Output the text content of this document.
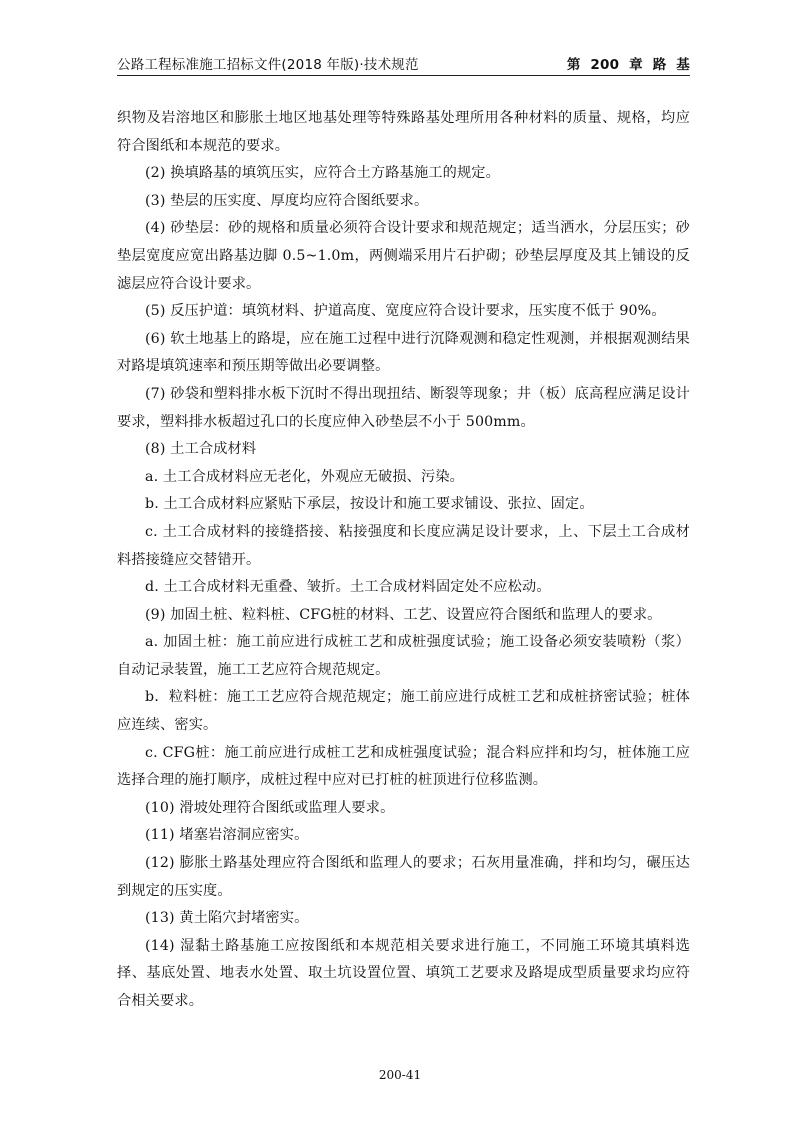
公路工程标准施工招标文件(2018 年版)·技术规范	第 200 章 路 基

织物及岩溶地区和膨胀土地区地基处理等特殊路基处理所用各种材料的质量、规格，均应符合图纸和本规范的要求。

(2) 换填路基的填筑压实，应符合土方路基施工的规定。

(3) 垫层的压实度、厚度均应符合图纸要求。

(4) 砂垫层：砂的规格和质量必须符合设计要求和规范规定；适当洒水，分层压实；砂垫层宽度应宽出路基边脚 0.5~1.0m，两侧端采用片石护砌；砂垫层厚度及其上铺设的反滤层应符合设计要求。

(5) 反压护道：填筑材料、护道高度、宽度应符合设计要求，压实度不低于 90%。

(6) 软土地基上的路堤，应在施工过程中进行沉降观测和稳定性观测，并根据观测结果对路堤填筑速率和预压期等做出必要调整。

(7) 砂袋和塑料排水板下沉时不得出现扭结、断裂等现象；井（板）底高程应满足设计要求，塑料排水板超过孔口的长度应伸入砂垫层不小于 500mm。

(8) 土工合成材料

a. 土工合成材料应无老化，外观应无破损、污染。

b. 土工合成材料应紧贴下承层，按设计和施工要求铺设、张拉、固定。

c. 土工合成材料的接缝搭接、粘接强度和长度应满足设计要求，上、下层土工合成材料搭接缝应交替错开。

d. 土工合成材料无重叠、皱折。土工合成材料固定处不应松动。

(9) 加固土桩、粒料桩、CFG桩的材料、工艺、设置应符合图纸和监理人的要求。

a. 加固土桩：施工前应进行成桩工艺和成桩强度试验；施工设备必须安装喷粉（浆）自动记录装置，施工工艺应符合规范规定。

b．粒料桩：施工工艺应符合规范规定；施工前应进行成桩工艺和成桩挤密试验；桩体应连续、密实。

c. CFG桩：施工前应进行成桩工艺和成桩强度试验；混合料应拌和均匀，桩体施工应选择合理的施打顺序，成桩过程中应对已打桩的桩顶进行位移监测。

(10) 滑坡处理符合图纸或监理人要求。

(11) 堵塞岩溶洞应密实。

(12) 膨胀土路基处理应符合图纸和监理人的要求；石灰用量准确，拌和均匀，碾压达到规定的压实度。

(13) 黄土陷穴封堵密实。

(14) 湿黏土路基施工应按图纸和本规范相关要求进行施工，不同施工环境其填料选择、基底处置、地表水处置、取土坑设置位置、填筑工艺要求及路堤成型质量要求均应符合相关要求。

200-41
